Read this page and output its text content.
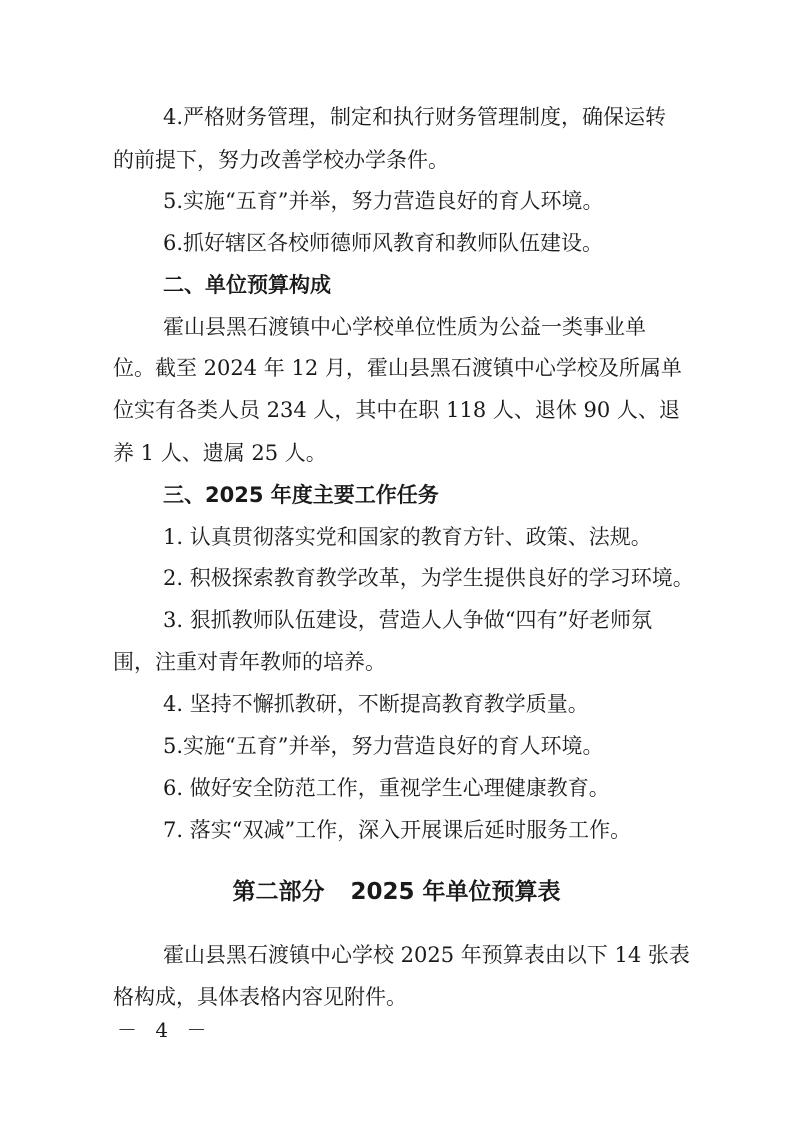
4.严格财务管理，制定和执行财务管理制度，确保运转
的前提下，努力改善学校办学条件。
5.实施“五育”并举，努力营造良好的育人环境。
6.抓好辖区各校师德师风教育和教师队伍建设。
二、单位预算构成
霍山县黑石渡镇中心学校单位性质为公益一类事业单
位。截至 2024 年 12 月，霍山县黑石渡镇中心学校及所属单
位实有各类人员 234 人，其中在职 118 人、退休 90 人、退
养 1 人、遗属 25 人。
三、2025 年度主要工作任务
1. 认真贯彻落实党和国家的教育方针、政策、法规。
2. 积极探索教育教学改革，为学生提供良好的学习环境。
3. 狠抓教师队伍建设，营造人人争做“四有”好老师氛
围，注重对青年教师的培养。
4. 坚持不懈抓教研，不断提高教育教学质量。
5.实施“五育”并举，努力营造良好的育人环境。
6. 做好安全防范工作，重视学生心理健康教育。
7. 落实“双减”工作，深入开展课后延时服务工作。
第二部分 2025 年单位预算表
霍山县黑石渡镇中心学校 2025 年预算表由以下 14 张表
格构成，具体表格内容见附件。
－ 4 －
